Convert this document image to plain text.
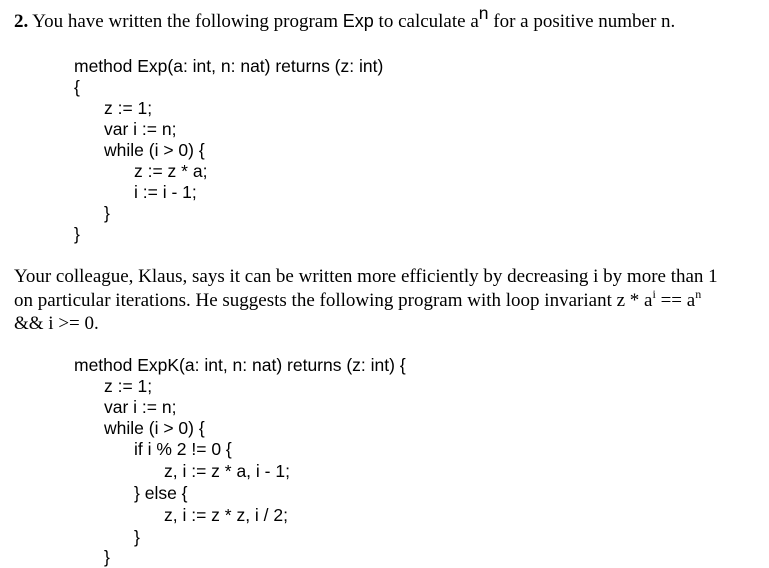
2. You have written the following program Exp to calculate $a^n$ for a positive number n.
method Exp(a: int, n: nat) returns (z: int)
{
z := 1;
var i := n;
while (i > 0) {
z := z * a;
i := i - 1;
}
}
Your colleague, Klaus, says it can be written more efficiently by decreasing i by more than 1
on particular iterations. He suggests the following program with loop invariant $z * a^i == a^n$
&& i >= 0.
method ExpK(a: int, n: nat) returns (z: int) {
z := 1;
var i := n;
while (i > 0) {
if i % 2 != 0 {
z, i := z * a, i - 1;
} else {
z, i := z * z, i / 2;
}
}
